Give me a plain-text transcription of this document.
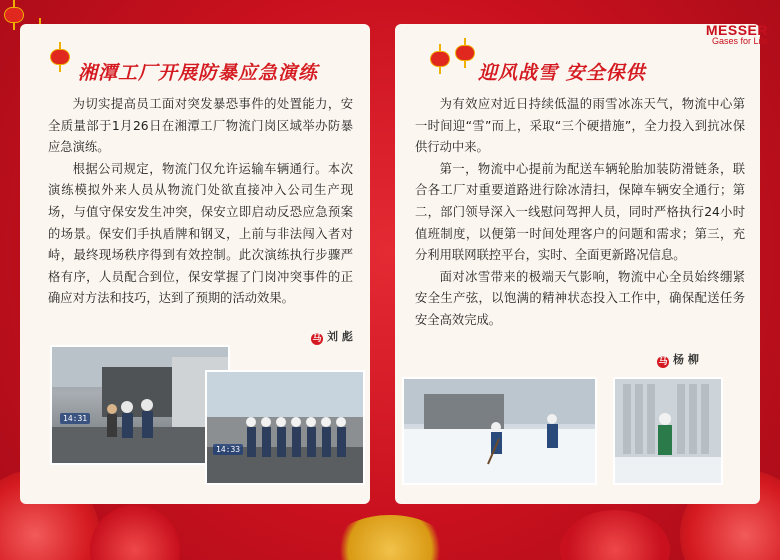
湘潭工厂开展防暴应急演练

为切实提高员工面对突发暴恐事件的处置能力，安全质量部于1月26日在湘潭工厂物流门岗区域举办防暴应急演练。

根据公司规定，物流门仅允许运输车辆通行。本次演练模拟外来人员从物流门处欲直接冲入公司生产现场，与值守保安发生冲突，保安立即启动反恐应急预案的场景。保安们手执盾牌和钢叉，上前与非法闯入者对峙，最终现场秩序得到有效控制。此次演练执行步骤严格有序，人员配合到位，保安掌握了门岗冲突事件的正确应对方法和技巧，达到了预期的活动效果。

马 刘 彪
迎风战雪 安全保供

为有效应对近日持续低温的雨雪冰冻天气，物流中心第一时间迎“雪”而上，采取“三个硬措施”，全力投入到抗冰保供行动中来。

第一，物流中心提前为配送车辆轮胎加装防滑链条，联合各工厂对重要道路进行除冰清扫，保障车辆安全通行；第二，部门领导深入一线慰问驾押人员，同时严格执行24小时值班制度，以便第一时间处理客户的问题和需求；第三，充分利用联网联控平台，实时、全面更新路况信息。

面对冰雪带来的极端天气影响，物流中心全员始终绷紧安全生产弦，以饱满的精神状态投入工作中，确保配送任务安全高效完成。

马 杨 柳
MESSER
Gases for Life
14:31
14:33
